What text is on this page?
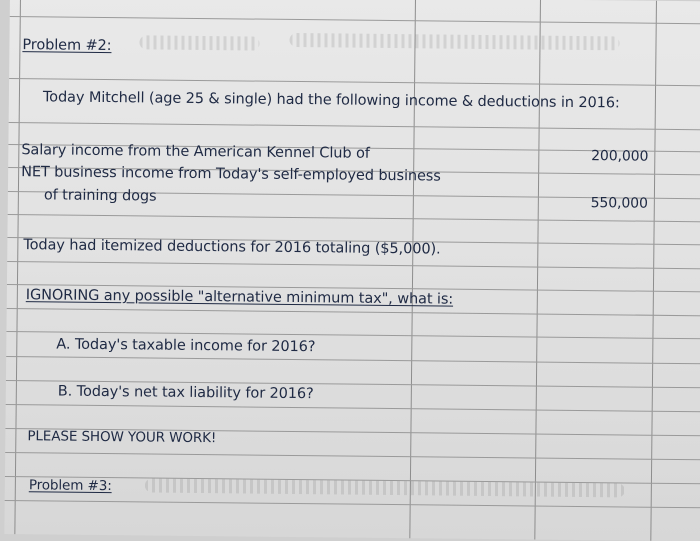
Problem #2:
Today Mitchell (age 25 & single) had the following income & deductions in 2016:
Salary income from the American Kennel Club of	200,000
NET business income from Today's self-employed business
of training dogs	550,000
Today had itemized deductions for 2016 totaling ($5,000).
IGNORING any possible "alternative minimum tax", what is:
A. Today's taxable income for 2016?
B. Today's net tax liability for 2016?
PLEASE SHOW YOUR WORK!
Problem #3:
